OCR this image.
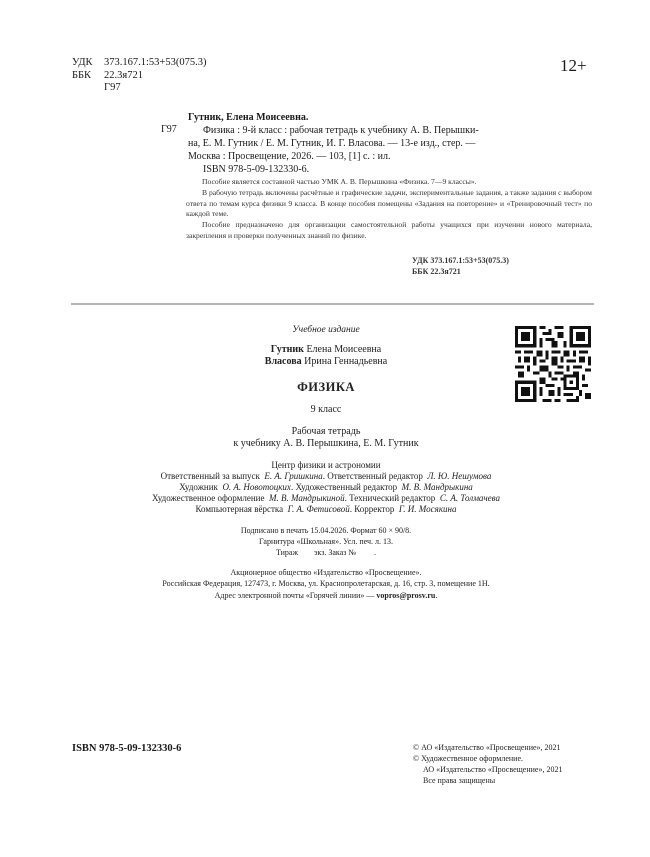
УДК	373.167.1:53+53(075.3)
ББК	22.3я721
Г97
12+
Г97
Гутник, Елена Моисеевна.
Физика : 9-й класс : рабочая тетрадь к учебнику А. В. Перышки-
на, Е. М. Гутник / Е. М. Гутник, И. Г. Власова. — 13-е изд., стер. —
Москва : Просвещение, 2026. — 103, [1] с. : ил.
ISBN 978-5-09-132330-6.

Пособие является составной частью УМК А. В. Перышкина «Физика. 7—9 классы».

В рабочую тетрадь включены расчётные и графические задачи, экспериментальные задания, а также задания с выбором ответа по темам курса физики 9 класса. В конце пособия помещены «Задания на повторение» и «Тренировочный тест» по каждой теме.

Пособие предназначено для организации самостоятельной работы учащихся при изучении нового материала, закрепления и проверки полученных знаний по физике.

УДК 373.167.1:53+53(075.3)
ББК 22.3я721
Учебное издание
Гутник Елена Моисеевна
Власова Ирина Геннадьевна
ФИЗИКА
9 класс
Рабочая тетрадь
к учебнику А. В. Перышкина, Е. М. Гутник
Центр физики и астрономии
Ответственный за выпуск Е. А. Гришкина. Ответственный редактор Л. Ю. Нешумова
Художник О. А. Новотоцких. Художественный редактор М. В. Мандрыкина
Художественное оформление М. В. Мандрыкиной. Технический редактор С. А. Толмачева
Компьютерная вёрстка Г. А. Фетисовой. Корректор Г. И. Мосякина
Подписано в печать 15.04.2026. Формат 60 × 90/8.
Гарнитура «Школьная». Усл. печ. л. 13.
Тираж        экз. Заказ №         .
Акционерное общество «Издательство «Просвещение».
Российская Федерация, 127473, г. Москва, ул. Краснопролетарская, д. 16, стр. 3, помещение 1Н.
Адрес электронной почты «Горячей линии» — vopros@prosv.ru.
ISBN 978-5-09-132330-6	© АО «Издательство «Просвещение», 2021
© Художественное оформление.
АО «Издательство «Просвещение», 2021
Все права защищены
